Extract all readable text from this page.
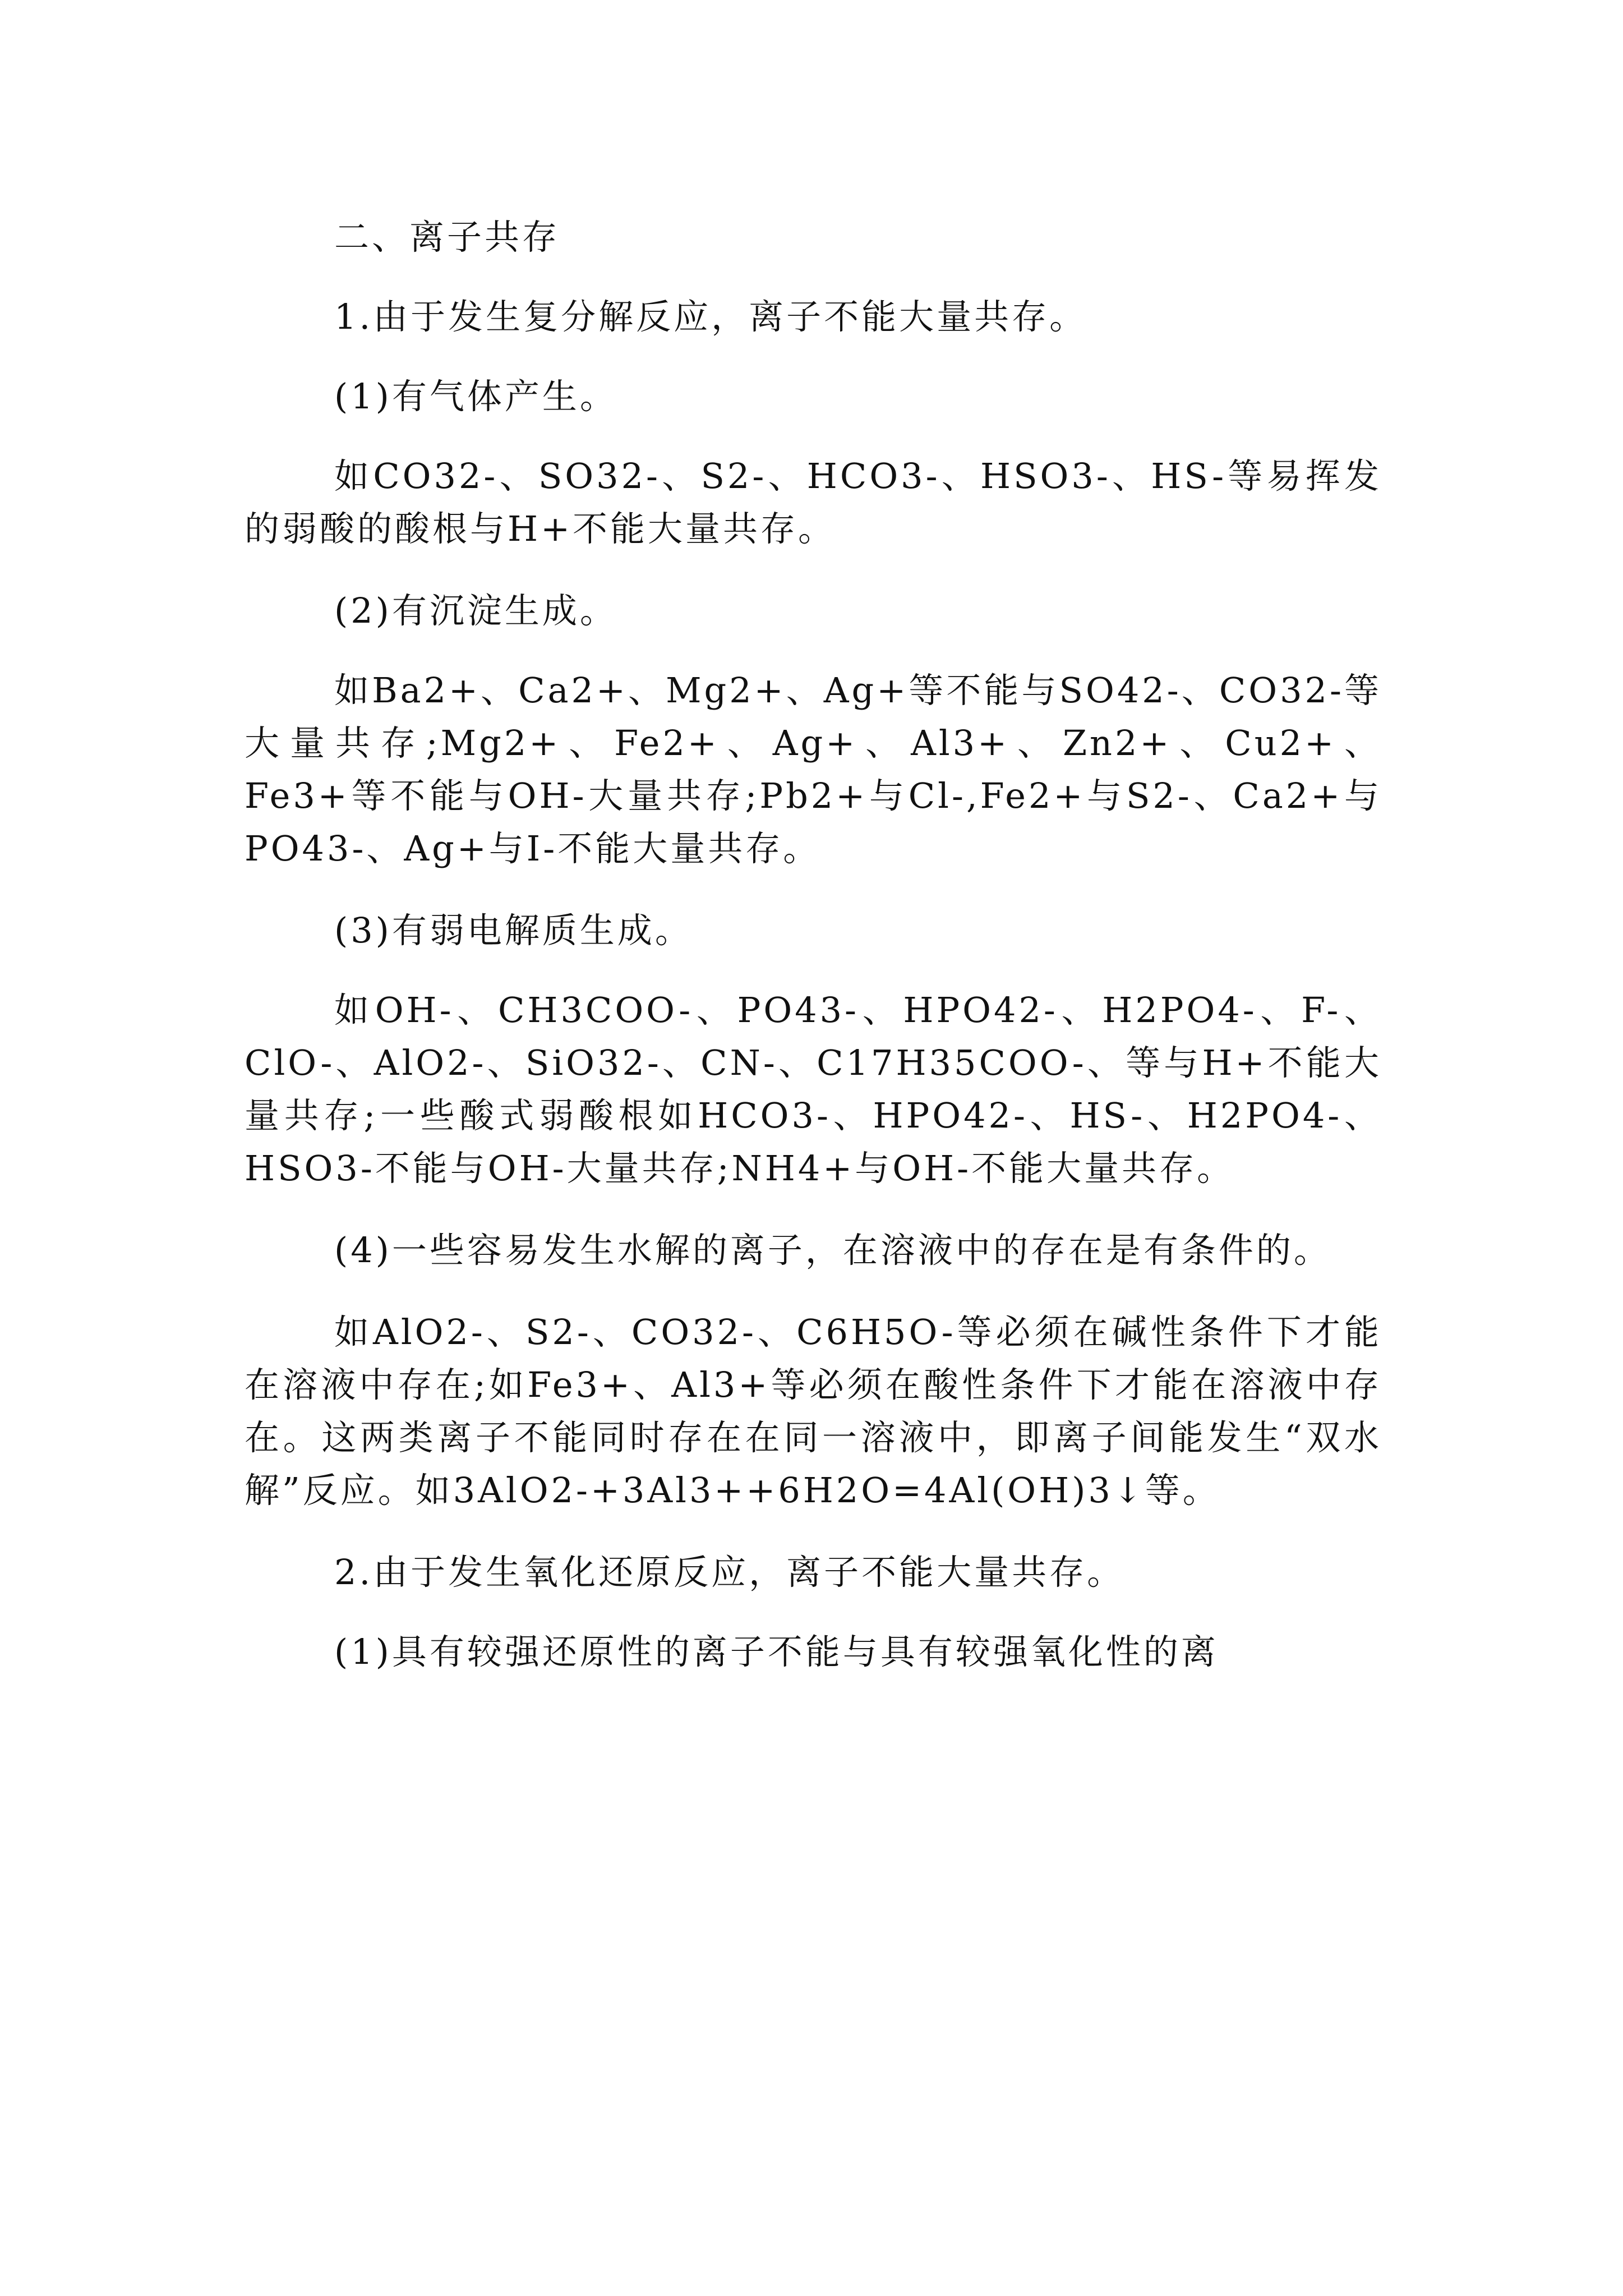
二、离子共存

1.由于发生复分解反应，离子不能大量共存。

(1)有气体产生。

如CO32-、SO32-、S2-、HCO3-、HSO3-、HS-等易挥发的弱酸的酸根与H+不能大量共存。

(2)有沉淀生成。

如Ba2+、Ca2+、Mg2+、Ag+等不能与SO42-、CO32-等大量共存;Mg2+、Fe2+、Ag+、Al3+、Zn2+、Cu2+、Fe3+等不能与OH-大量共存;Pb2+与Cl-,Fe2+与S2-、Ca2+与PO43-、Ag+与I-不能大量共存。

(3)有弱电解质生成。

如OH-、CH3COO-、PO43-、HPO42-、H2PO4-、F-、ClO-、AlO2-、SiO32-、CN-、C17H35COO-、等与H+不能大量共存;一些酸式弱酸根如HCO3-、HPO42-、HS-、H2PO4-、HSO3-不能与OH-大量共存;NH4+与OH-不能大量共存。

(4)一些容易发生水解的离子，在溶液中的存在是有条件的。

如AlO2-、S2-、CO32-、C6H5O-等必须在碱性条件下才能在溶液中存在;如Fe3+、Al3+等必须在酸性条件下才能在溶液中存在。这两类离子不能同时存在在同一溶液中，即离子间能发生“双水解”反应。如3AlO2-+3Al3++6H2O=4Al(OH)3↓等。

2.由于发生氧化还原反应，离子不能大量共存。

(1)具有较强还原性的离子不能与具有较强氧化性的离
